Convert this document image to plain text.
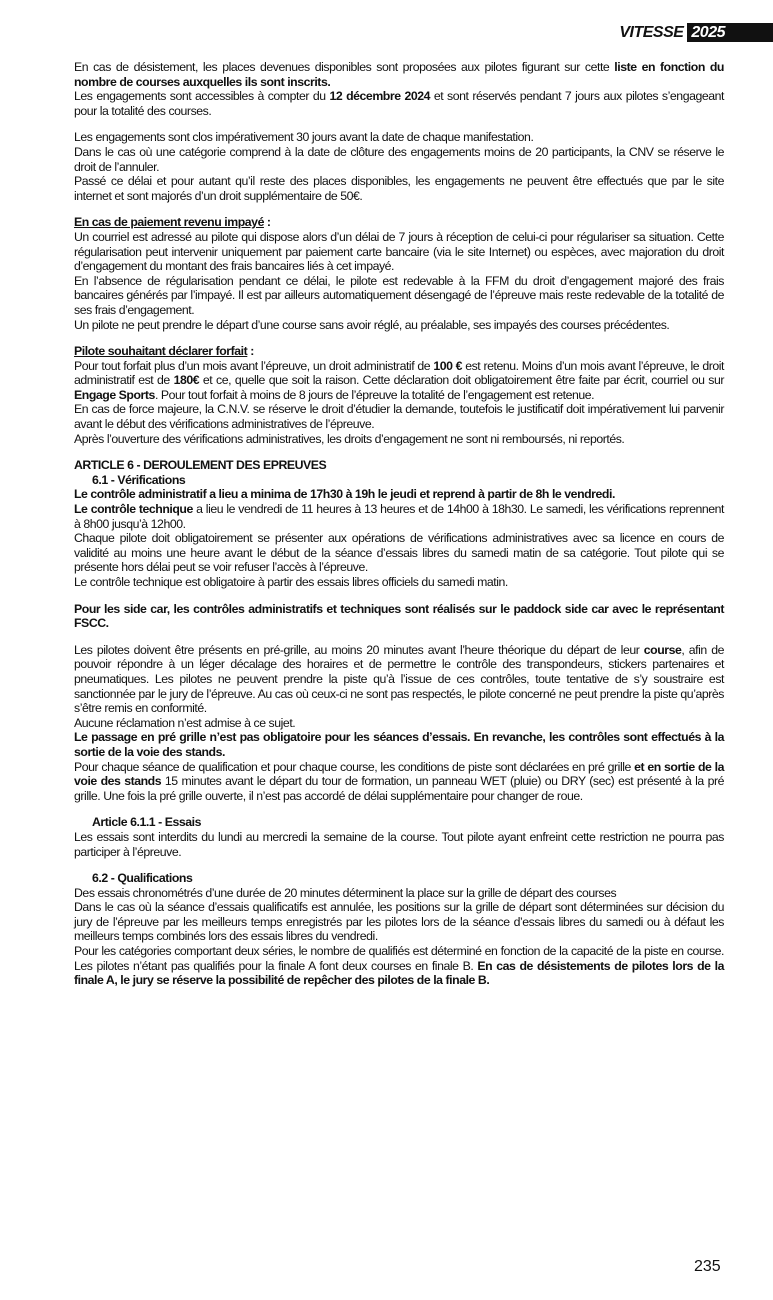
VITESSE 2025

En cas de désistement, les places devenues disponibles sont proposées aux pilotes figurant sur cette liste en fonction du nombre de courses auxquelles ils sont inscrits.

Les engagements sont accessibles à compter du 12 décembre 2024 et sont réservés pendant 7 jours aux pilotes s’engageant pour la totalité des courses.

Les engagements sont clos impérativement 30 jours avant la date de chaque manifestation.

Dans le cas où une catégorie comprend à la date de clôture des engagements moins de 20 participants, la CNV se réserve le droit de l’annuler.

Passé ce délai et pour autant qu’il reste des places disponibles, les engagements ne peuvent être effectués que par le site internet et sont majorés d’un droit supplémentaire de 50€.

En cas de paiement revenu impayé :

Un courriel est adressé au pilote qui dispose alors d’un délai de 7 jours à réception de celui-ci pour régulariser sa situation. Cette régularisation peut intervenir uniquement par paiement carte bancaire (via le site Internet) ou espèces, avec majoration du droit d’engagement du montant des frais bancaires liés à cet impayé.

En l’absence de régularisation pendant ce délai, le pilote est redevable à la FFM du droit d’engagement majoré des frais bancaires générés par l’impayé. Il est par ailleurs automatiquement désengagé de l’épreuve mais reste redevable de la totalité de ses frais d’engagement.

Un pilote ne peut prendre le départ d’une course sans avoir réglé, au préalable, ses impayés des courses précédentes.

Pilote souhaitant déclarer forfait :

Pour tout forfait plus d’un mois avant l’épreuve, un droit administratif de 100 € est retenu. Moins d’un mois avant l’épreuve, le droit administratif est de 180€ et ce, quelle que soit la raison. Cette déclaration doit obligatoirement être faite par écrit, courriel ou sur Engage Sports. Pour tout forfait à moins de 8 jours de l’épreuve la totalité de l’engagement est retenue.

En cas de force majeure, la C.N.V. se réserve le droit d’étudier la demande, toutefois le justificatif doit impérativement lui parvenir avant le début des vérifications administratives de l’épreuve.

Après l’ouverture des vérifications administratives, les droits d’engagement ne sont ni remboursés, ni reportés.

ARTICLE 6 - DEROULEMENT DES EPREUVES

6.1 - Vérifications

Le contrôle administratif a lieu a minima de 17h30 à 19h le jeudi et reprend à partir de 8h le vendredi.

Le contrôle technique a lieu le vendredi de 11 heures à 13 heures et de 14h00 à 18h30. Le samedi, les vérifications reprennent à 8h00 jusqu’à 12h00.

Chaque pilote doit obligatoirement se présenter aux opérations de vérifications administratives avec sa licence en cours de validité au moins une heure avant le début de la séance d’essais libres du samedi matin de sa catégorie. Tout pilote qui se présente hors délai peut se voir refuser l’accès à l’épreuve.

Le contrôle technique est obligatoire à partir des essais libres officiels du samedi matin.

Pour les side car, les contrôles administratifs et techniques sont réalisés sur le paddock side car avec le représentant FSCC.

Les pilotes doivent être présents en pré-grille, au moins 20 minutes avant l’heure théorique du départ de leur course, afin de pouvoir répondre à un léger décalage des horaires et de permettre le contrôle des transpondeurs, stickers partenaires et pneumatiques. Les pilotes ne peuvent prendre la piste qu’à l’issue de ces contrôles, toute tentative de s’y soustraire est sanctionnée par le jury de l’épreuve. Au cas où ceux-ci ne sont pas respectés, le pilote concerné ne peut prendre la piste qu’après s’être remis en conformité.

Aucune réclamation n’est admise à ce sujet.

Le passage en pré grille n’est pas obligatoire pour les séances d’essais. En revanche, les contrôles sont effectués à la sortie de la voie des stands.

Pour chaque séance de qualification et pour chaque course, les conditions de piste sont déclarées en pré grille et en sortie de la voie des stands 15 minutes avant le départ du tour de formation, un panneau WET (pluie) ou DRY (sec) est présenté à la pré grille. Une fois la pré grille ouverte, il n’est pas accordé de délai supplémentaire pour changer de roue.

Article 6.1.1 - Essais

Les essais sont interdits du lundi au mercredi la semaine de la course. Tout pilote ayant enfreint cette restriction ne pourra pas participer à l’épreuve.

6.2 - Qualifications

Des essais chronométrés d’une durée de 20 minutes déterminent la place sur la grille de départ des courses

Dans le cas où la séance d’essais qualificatifs est annulée, les positions sur la grille de départ sont déterminées sur décision du jury de l’épreuve par les meilleurs temps enregistrés par les pilotes lors de la séance d’essais libres du samedi ou à défaut les meilleurs temps combinés lors des essais libres du vendredi.

Pour les catégories comportant deux séries, le nombre de qualifiés est déterminé en fonction de la capacité de la piste en course. Les pilotes n’étant pas qualifiés pour la finale A font deux courses en finale B. En cas de désistements de pilotes lors de la finale A, le jury se réserve la possibilité de repêcher des pilotes de la finale B.

235
